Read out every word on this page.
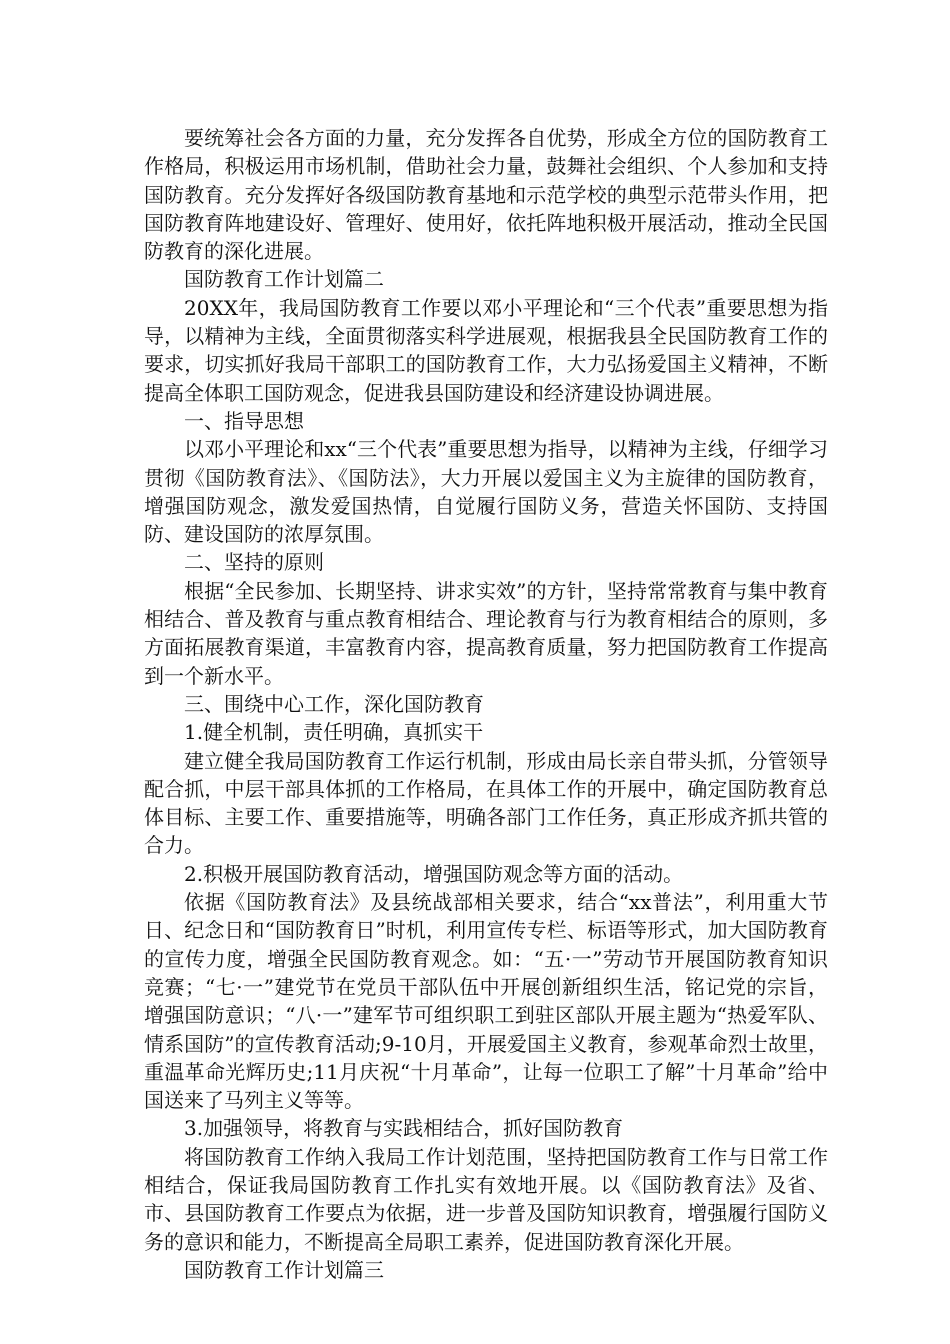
要统筹社会各方面的力量，充分发挥各自优势，形成全方位的国防教育工作格局，积极运用市场机制，借助社会力量，鼓舞社会组织、个人参加和支持国防教育。充分发挥好各级国防教育基地和示范学校的典型示范带头作用，把国防教育阵地建设好、管理好、使用好，依托阵地积极开展活动，推动全民国防教育的深化进展。

国防教育工作计划篇二

20XX年，我局国防教育工作要以邓小平理论和“三个代表”重要思想为指导，以精神为主线，全面贯彻落实科学进展观，根据我县全民国防教育工作的要求，切实抓好我局干部职工的国防教育工作，大力弘扬爱国主义精神，不断提高全体职工国防观念，促进我县国防建设和经济建设协调进展。

一、指导思想

以邓小平理论和xx“三个代表”重要思想为指导，以精神为主线，仔细学习贯彻《国防教育法》、《国防法》，大力开展以爱国主义为主旋律的国防教育，增强国防观念，激发爱国热情，自觉履行国防义务，营造关怀国防、支持国防、建设国防的浓厚氛围。

二、坚持的原则

根据“全民参加、长期坚持、讲求实效”的方针，坚持常常教育与集中教育相结合、普及教育与重点教育相结合、理论教育与行为教育相结合的原则，多方面拓展教育渠道，丰富教育内容，提高教育质量，努力把国防教育工作提高到一个新水平。

三、围绕中心工作，深化国防教育

1.健全机制，责任明确，真抓实干

建立健全我局国防教育工作运行机制，形成由局长亲自带头抓，分管领导配合抓，中层干部具体抓的工作格局，在具体工作的开展中，确定国防教育总体目标、主要工作、重要措施等，明确各部门工作任务，真正形成齐抓共管的合力。

2.积极开展国防教育活动，增强国防观念等方面的活动。

依据《国防教育法》及县统战部相关要求，结合“xx普法”，利用重大节日、纪念日和“国防教育日”时机，利用宣传专栏、标语等形式，加大国防教育的宣传力度，增强全民国防教育观念。如：“五·一”劳动节开展国防教育知识竞赛；“七·一”建党节在党员干部队伍中开展创新组织生活，铭记党的宗旨，增强国防意识；“八·一”建军节可组织职工到驻区部队开展主题为“热爱军队、情系国防”的宣传教育活动;9-10月，开展爱国主义教育，参观革命烈士故里，重温革命光辉历史;11月庆祝“十月革命”，让每一位职工了解”十月革命”给中国送来了马列主义等等。

3.加强领导，将教育与实践相结合，抓好国防教育

将国防教育工作纳入我局工作计划范围，坚持把国防教育工作与日常工作相结合，保证我局国防教育工作扎实有效地开展。以《国防教育法》及省、市、县国防教育工作要点为依据，进一步普及国防知识教育，增强履行国防义务的意识和能力，不断提高全局职工素养，促进国防教育深化开展。

国防教育工作计划篇三
